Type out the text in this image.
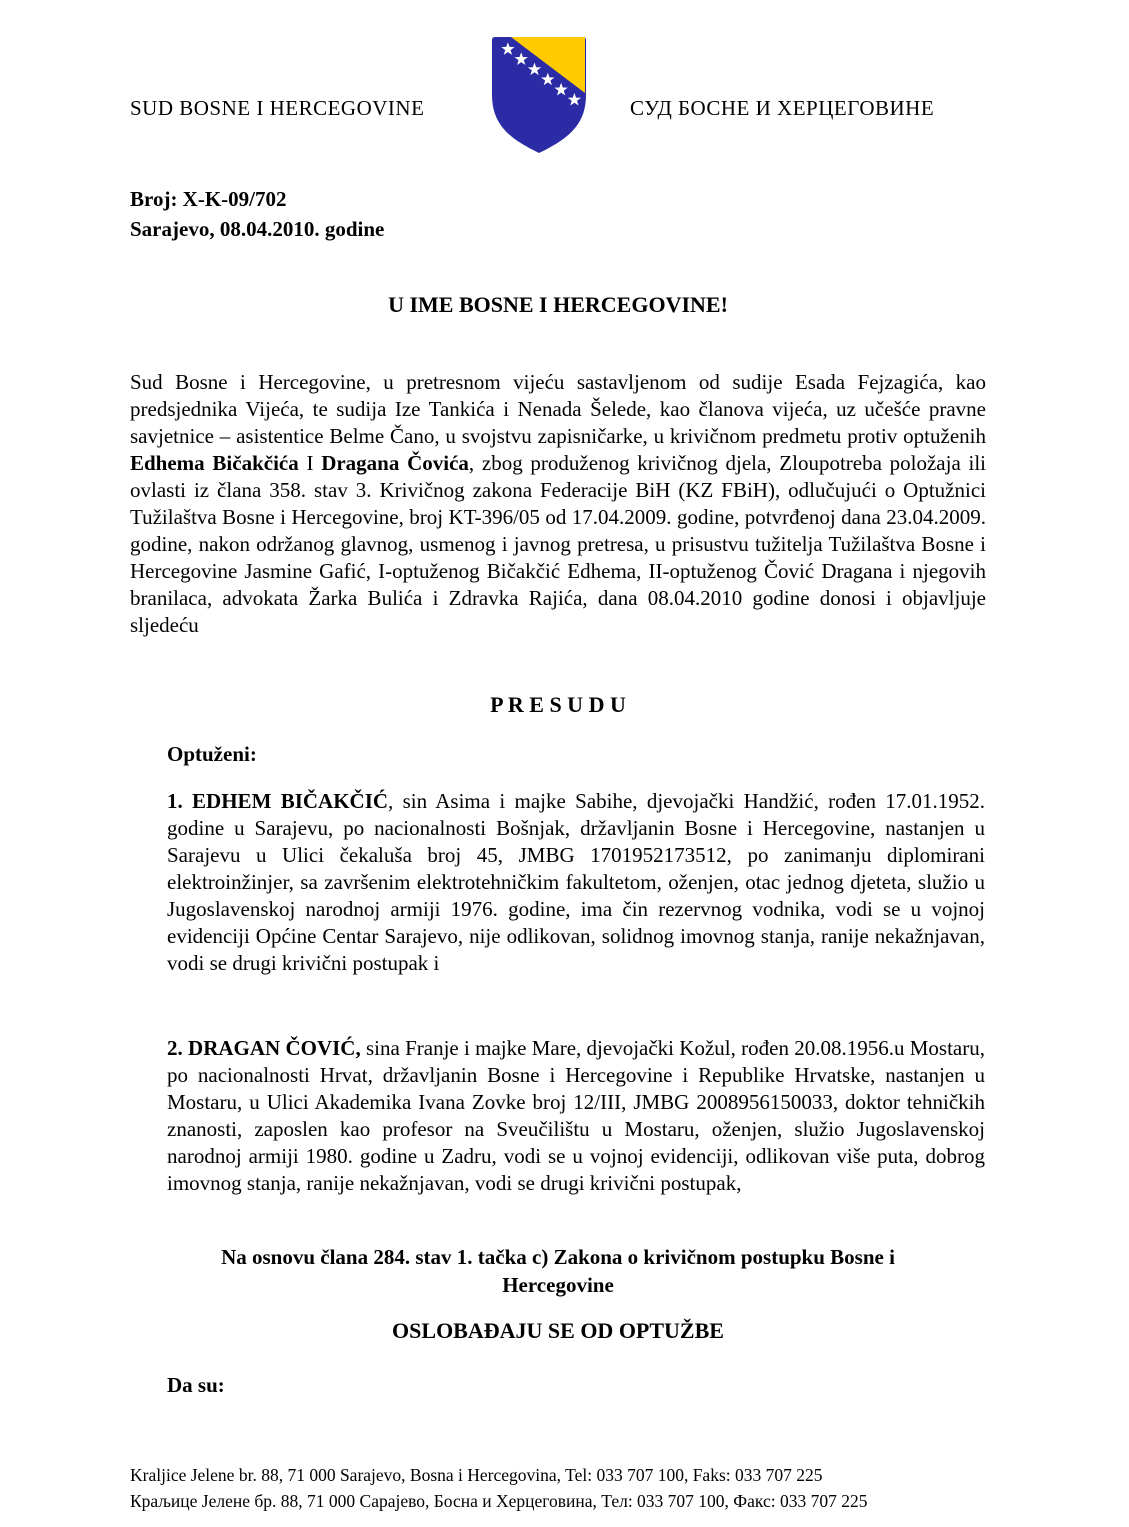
SUD BOSNE I HERCEGOVINE	СУД БОСНЕ И ХЕРЦЕГОВИНЕ
Broj: X-K-09/702
Sarajevo, 08.04.2010. godine
U IME BOSNE I HERCEGOVINE!

Sud Bosne i Hercegovine, u pretresnom vijeću sastavljenom od sudije Esada Fejzagića, kao predsjednika Vijeća, te sudija Ize Tankića i Nenada Šelede, kao članova vijeća, uz učešće pravne savjetnice – asistentice Belme Čano, u svojstvu zapisničarke, u krivičnom predmetu protiv optuženih Edhema Bičakčića I Dragana Čovića, zbog produženog krivičnog djela, Zloupotreba položaja ili ovlasti iz člana 358. stav 3. Krivičnog zakona Federacije BiH (KZ FBiH), odlučujući o Optužnici Tužilaštva Bosne i Hercegovine, broj KT-396/05 od 17.04.2009. godine, potvrđenoj dana 23.04.2009. godine, nakon održanog glavnog, usmenog i javnog pretresa, u prisustvu tužitelja Tužilaštva Bosne i Hercegovine Jasmine Gafić, I-optuženog Bičakčić Edhema, II-optuženog Čović Dragana i njegovih branilaca, advokata Žarka Bulića i Zdravka Rajića, dana 08.04.2010 godine donosi i objavljuje sljedeću

P R E S U D U
Optuženi:

1. EDHEM BIČAKČIĆ, sin Asima i majke Sabihe, djevojački Handžić, rođen 17.01.1952. godine u Sarajevu, po nacionalnosti Bošnjak, državljanin Bosne i Hercegovine, nastanjen u Sarajevu u Ulici čekaluša broj 45, JMBG 1701952173512, po zanimanju diplomirani elektroinžinjer, sa završenim elektrotehničkim fakultetom, oženjen, otac jednog djeteta, služio u Jugoslavenskoj narodnoj armiji 1976. godine, ima čin rezervnog vodnika, vodi se u vojnoj evidenciji Općine Centar Sarajevo, nije odlikovan, solidnog imovnog stanja, ranije nekažnjavan, vodi se drugi krivični postupak i

2. DRAGAN ČOVIĆ, sina Franje i majke Mare, djevojački Kožul, rođen 20.08.1956.u Mostaru, po nacionalnosti Hrvat, državljanin Bosne i Hercegovine i Republike Hrvatske, nastanjen u Mostaru, u Ulici Akademika Ivana Zovke broj 12/III, JMBG 2008956150033, doktor tehničkih znanosti, zaposlen kao profesor na Sveučilištu u Mostaru, oženjen, služio Jugoslavenskoj narodnoj armiji 1980. godine u Zadru, vodi se u vojnoj evidenciji, odlikovan više puta, dobrog imovnog stanja, ranije nekažnjavan, vodi se drugi krivični postupak,

Na osnovu člana 284. stav 1. tačka c) Zakona o krivičnom postupku Bosne i
Hercegovine
OSLOBAĐAJU SE OD OPTUŽBE
Da su:
Kraljice Jelene br. 88, 71 000 Sarajevo, Bosna i Hercegovina, Tel: 033 707 100, Faks: 033 707 225
Краљице Јелене бр. 88, 71 000 Сарајево, Босна и Херцеговина, Тел: 033 707 100, Факс: 033 707 225
